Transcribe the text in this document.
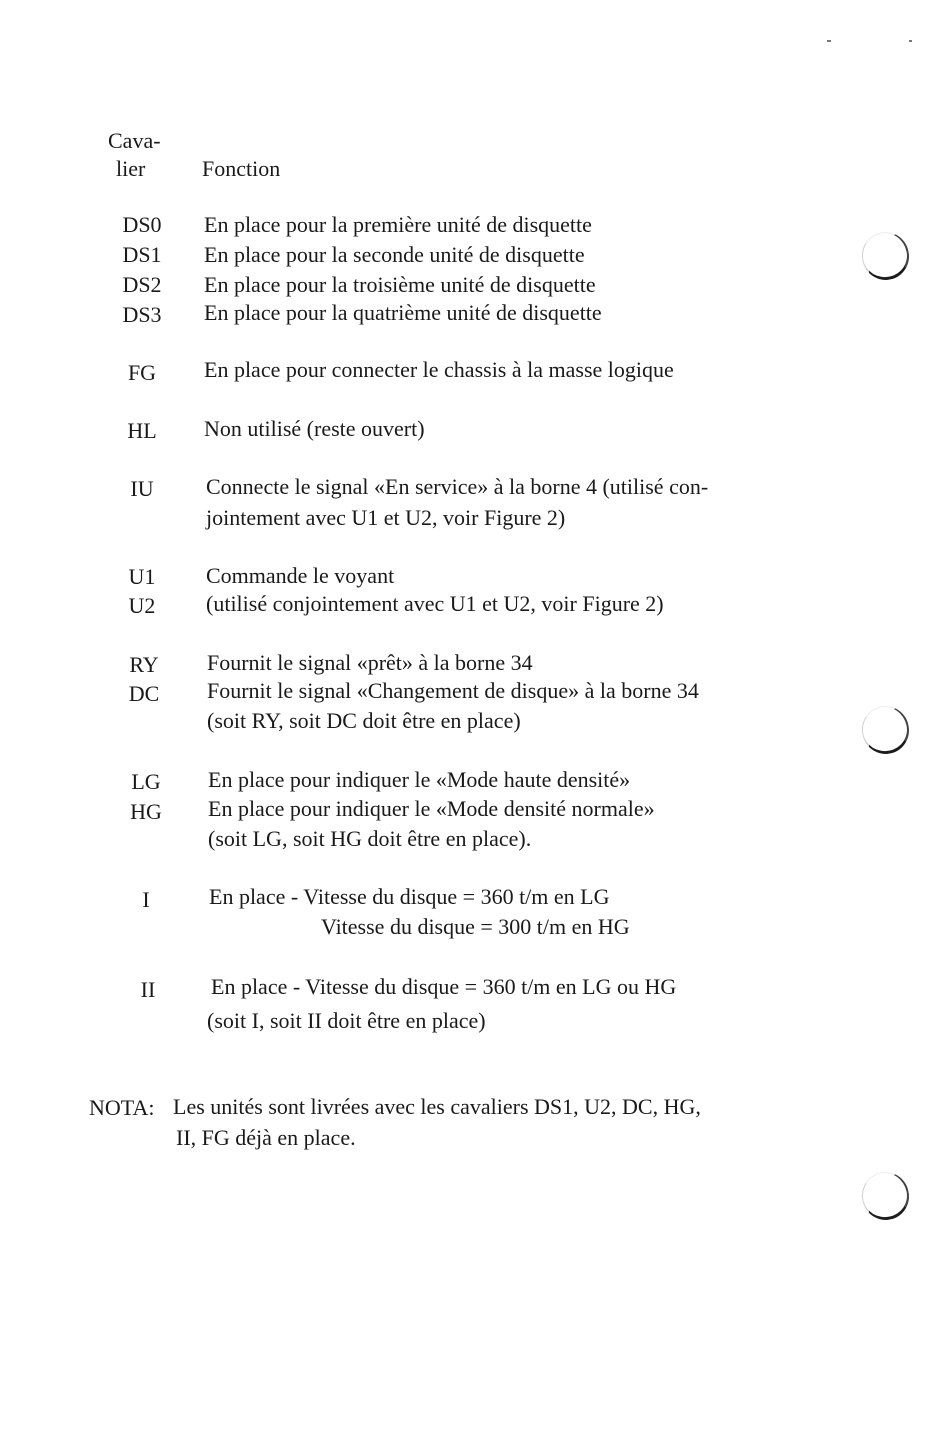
Cava-
lier	Fonction
DS0	En place pour la première unité de disquette
DS1	En place pour la seconde unité de disquette
DS2	En place pour la troisième unité de disquette
DS3	En place pour la quatrième unité de disquette
FG	En place pour connecter le chassis à la masse logique
HL	Non utilisé (reste ouvert)
IU	Connecte le signal «En service» à la borne 4 (utilisé con-
jointement avec U1 et U2, voir Figure 2)
U1	Commande le voyant
U2	(utilisé conjointement avec U1 et U2, voir Figure 2)
RY	Fournit le signal «prêt» à la borne 34
DC	Fournit le signal «Changement de disque» à la borne 34
(soit RY, soit DC doit être en place)
LG	En place pour indiquer le «Mode haute densité»
HG	En place pour indiquer le «Mode densité normale»
(soit LG, soit HG doit être en place).
I	En place - Vitesse du disque = 360 t/m en LG
Vitesse du disque = 300 t/m en HG
II	En place - Vitesse du disque = 360 t/m en LG ou HG
(soit I, soit II doit être en place)
NOTA: Les unités sont livrées avec les cavaliers DS1, U2, DC, HG,
II, FG déjà en place.
